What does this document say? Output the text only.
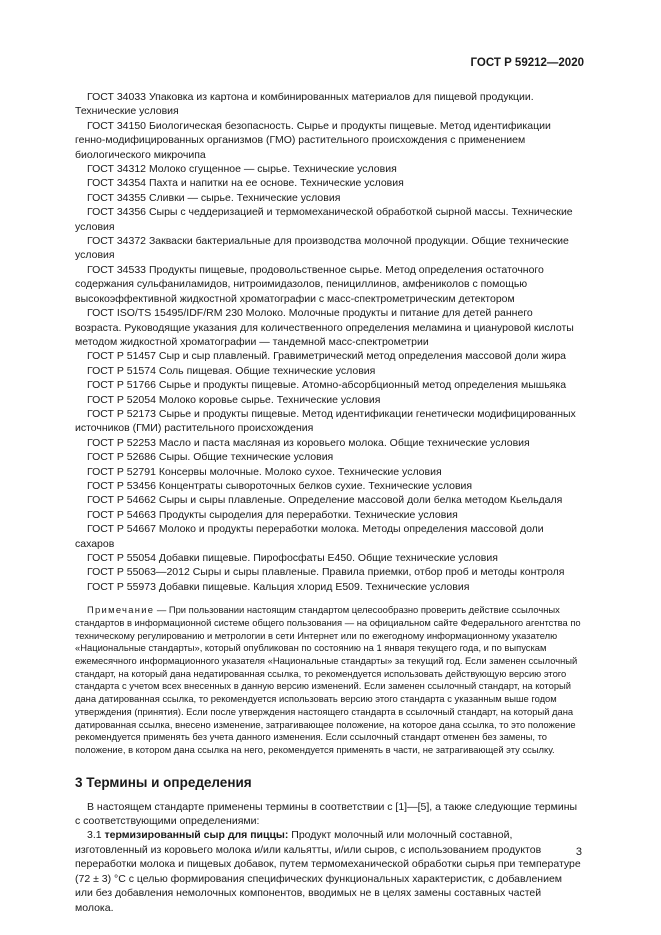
ГОСТ Р 59212—2020

ГОСТ 34033 Упаковка из картона и комбинированных материалов для пищевой продукции. Технические условия

ГОСТ 34150 Биологическая безопасность. Сырье и продукты пищевые. Метод идентификации генно-модифицированных организмов (ГМО) растительного происхождения с применением биологического микрочипа

ГОСТ 34312 Молоко сгущенное — сырье. Технические условия

ГОСТ 34354 Пахта и напитки на ее основе. Технические условия

ГОСТ 34355 Сливки — сырье. Технические условия

ГОСТ 34356 Сыры с чеддеризацией и термомеханической обработкой сырной массы. Технические условия

ГОСТ 34372 Закваски бактериальные для производства молочной продукции. Общие технические условия

ГОСТ 34533 Продукты пищевые, продовольственное сырье. Метод определения остаточного содержания сульфаниламидов, нитроимидазолов, пенициллинов, амфениколов с помощью высокоэффективной жидкостной хроматографии с масс-спектрометрическим детектором

ГОСТ ISO/TS 15495/IDF/RM 230 Молоко. Молочные продукты и питание для детей раннего возраста. Руководящие указания для количественного определения меламина и циануровой кислоты методом жидкостной хроматографии — тандемной масс-спектрометрии

ГОСТ Р 51457 Сыр и сыр плавленый. Гравиметрический метод определения массовой доли жира

ГОСТ Р 51574 Соль пищевая. Общие технические условия

ГОСТ Р 51766 Сырье и продукты пищевые. Атомно-абсорбционный метод определения мышьяка

ГОСТ Р 52054 Молоко коровье сырье. Технические условия

ГОСТ Р 52173 Сырье и продукты пищевые. Метод идентификации генетически модифицированных источников (ГМИ) растительного происхождения

ГОСТ Р 52253 Масло и паста масляная из коровьего молока. Общие технические условия

ГОСТ Р 52686 Сыры. Общие технические условия

ГОСТ Р 52791 Консервы молочные. Молоко сухое. Технические условия

ГОСТ Р 53456 Концентраты сывороточных белков сухие. Технические условия

ГОСТ Р 54662 Сыры и сыры плавленые. Определение массовой доли белка методом Кьельдаля

ГОСТ Р 54663 Продукты сыроделия для переработки. Технические условия

ГОСТ Р 54667 Молоко и продукты переработки молока. Методы определения массовой доли сахаров

ГОСТ Р 55054 Добавки пищевые. Пирофосфаты Е450. Общие технические условия

ГОСТ Р 55063—2012 Сыры и сыры плавленые. Правила приемки, отбор проб и методы контроля

ГОСТ Р 55973 Добавки пищевые. Кальция хлорид Е509. Технические условия

Примечание — При пользовании настоящим стандартом целесообразно проверить действие ссылочных стандартов в информационной системе общего пользования — на официальном сайте Федерального агентства по техническому регулированию и метрологии в сети Интернет или по ежегодному информационному указателю «Национальные стандарты», который опубликован по состоянию на 1 января текущего года, и по выпускам ежемесячного информационного указателя «Национальные стандарты» за текущий год. Если заменен ссылочный стандарт, на который дана недатированная ссылка, то рекомендуется использовать действующую версию этого стандарта с учетом всех внесенных в данную версию изменений. Если заменен ссылочный стандарт, на который дана датированная ссылка, то рекомендуется использовать версию этого стандарта с указанным выше годом утверждения (принятия). Если после утверждения настоящего стандарта в ссылочный стандарт, на который дана датированная ссылка, внесено изменение, затрагивающее положение, на которое дана ссылка, то это положение рекомендуется применять без учета данного изменения. Если ссылочный стандарт отменен без замены, то положение, в котором дана ссылка на него, рекомендуется применять в части, не затрагивающей эту ссылку.

3 Термины и определения

В настоящем стандарте применены термины в соответствии с [1]—[5], а также следующие термины с соответствующими определениями:

3.1 термизированный сыр для пиццы: Продукт молочный или молочный составной, изготовленный из коровьего молока и/или кальятты, и/или сыров, с использованием продуктов переработки молока и пищевых добавок, путем термомеханической обработки сырья при температуре (72 ± 3) °С с целью формирования специфических функциональных характеристик, с добавлением или без добавления немолочных компонентов, вводимых не в целях замены составных частей молока.

3
